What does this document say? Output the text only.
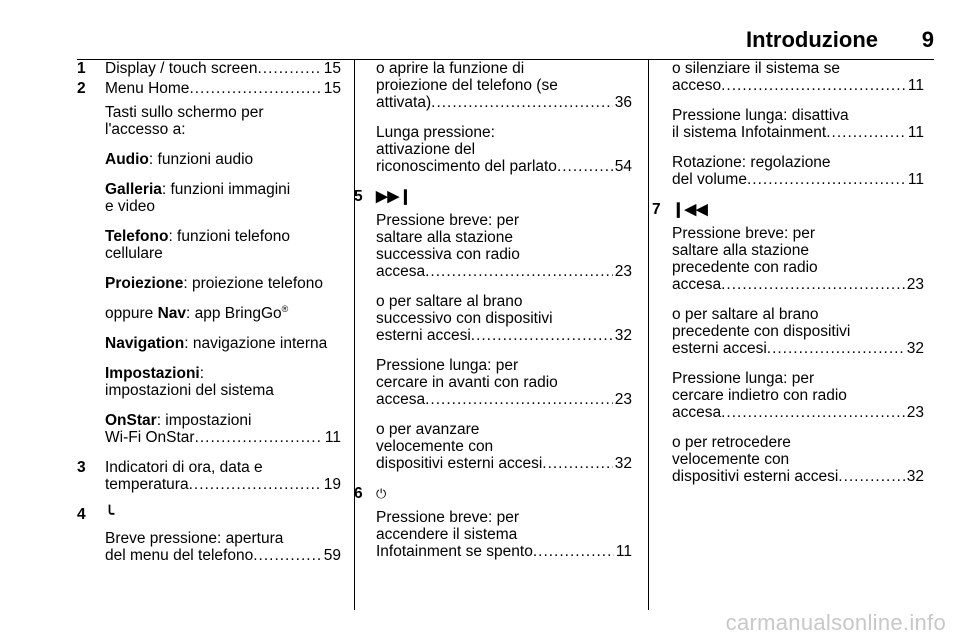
Introduzione 9
1	Display / touch screen .....	15
2	Menu Home .....	15
Tasti sullo schermo per
l'accesso a:
Audio: funzioni audio
Galleria: funzioni immagini
e video
Telefono: funzioni telefono
cellulare
Proiezione: proiezione telefono
oppure Nav: app BringGo®
Navigation: navigazione interna
Impostazioni:
impostazioni del sistema
OnStar: impostazioni
Wi-Fi OnStar .....	11
3	Indicatori di ora, data e
temperatura .....	19
4	╰
Breve pressione: apertura
del menu del telefono .....	59
o aprire la funzione di
proiezione del telefono (se
attivata) .....	36
Lunga pressione:
attivazione del
riconoscimento del parlato .....	54
5 ▶▶❙
Pressione breve: per
saltare alla stazione
successiva con radio
accesa .....	23
o per saltare al brano
successivo con dispositivi
esterni accesi .....	32
Pressione lunga: per
cercare in avanti con radio
accesa .....	23
o per avanzare
velocemente con
dispositivi esterni accesi .....	32
6	⏻
Pressione breve: per
accendere il sistema
Infotainment se spento .....	11
o silenziare il sistema se
acceso .....	11
Pressione lunga: disattiva
il sistema Infotainment .....	11
Rotazione: regolazione
del volume .....	11
7 ❙◀◀
Pressione breve: per
saltare alla stazione
precedente con radio
accesa .....	23
o per saltare al brano
precedente con dispositivi
esterni accesi .....	32
Pressione lunga: per
cercare indietro con radio
accesa .....	23
o per retrocedere
velocemente con
dispositivi esterni accesi .....	32
carmanualsonline.info
